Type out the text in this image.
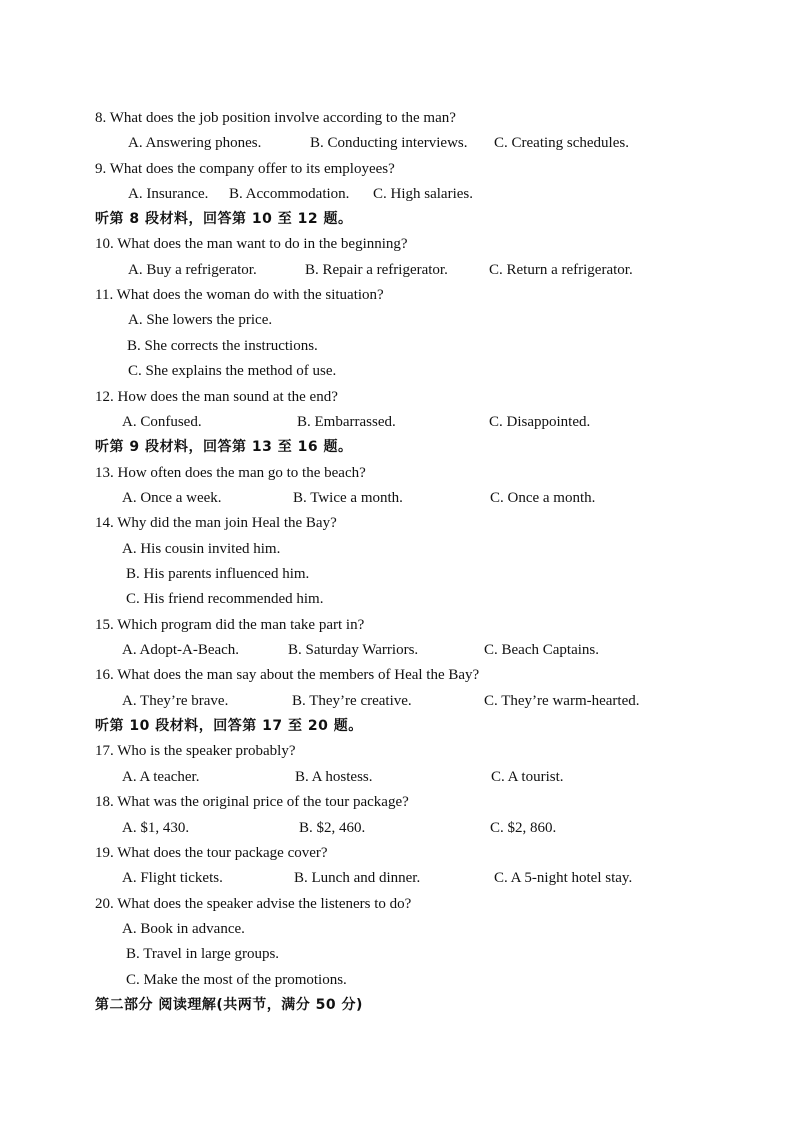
8. What does the job position involve according to the man?
A. Answering phones.	B. Conducting interviews. C. Creating schedules.
9. What does the company offer to its employees?
A. Insurance. B. Accommodation. C. High salaries.
听第 8 段材料，回答第 10 至 12 题。
10. What does the man want to do in the beginning?
A. Buy a refrigerator.	B. Repair a refrigerator.	C. Return a refrigerator.
11. What does the woman do with the situation?
A. She lowers the price.
B. She corrects the instructions.
C. She explains the method of use.
12. How does the man sound at the end?
A. Confused.	B. Embarrassed.	C. Disappointed.
听第 9 段材料，回答第 13 至 16 题。
13. How often does the man go to the beach?
A. Once a week.	B. Twice a month.	C. Once a month.
14. Why did the man join Heal the Bay?
A. His cousin invited him.
B. His parents influenced him.
C. His friend recommended him.
15. Which program did the man take part in?
A. Adopt-A-Beach.	B. Saturday Warriors.	C. Beach Captains.
16. What does the man say about the members of Heal the Bay?
A. They’re brave.	B. They’re creative.	C. They’re warm-hearted.
听第 10 段材料，回答第 17 至 20 题。
17. Who is the speaker probably?
A. A teacher.	B. A hostess.	C. A tourist.
18. What was the original price of the tour package?
A. $1, 430.	B. $2, 460.	C. $2, 860.
19. What does the tour package cover?
A. Flight tickets.	B. Lunch and dinner.	C. A 5-night hotel stay.
20. What does the speaker advise the listeners to do?
A. Book in advance.
B. Travel in large groups.
C. Make the most of the promotions.
第二部分 阅读理解(共两节，满分 50 分)
